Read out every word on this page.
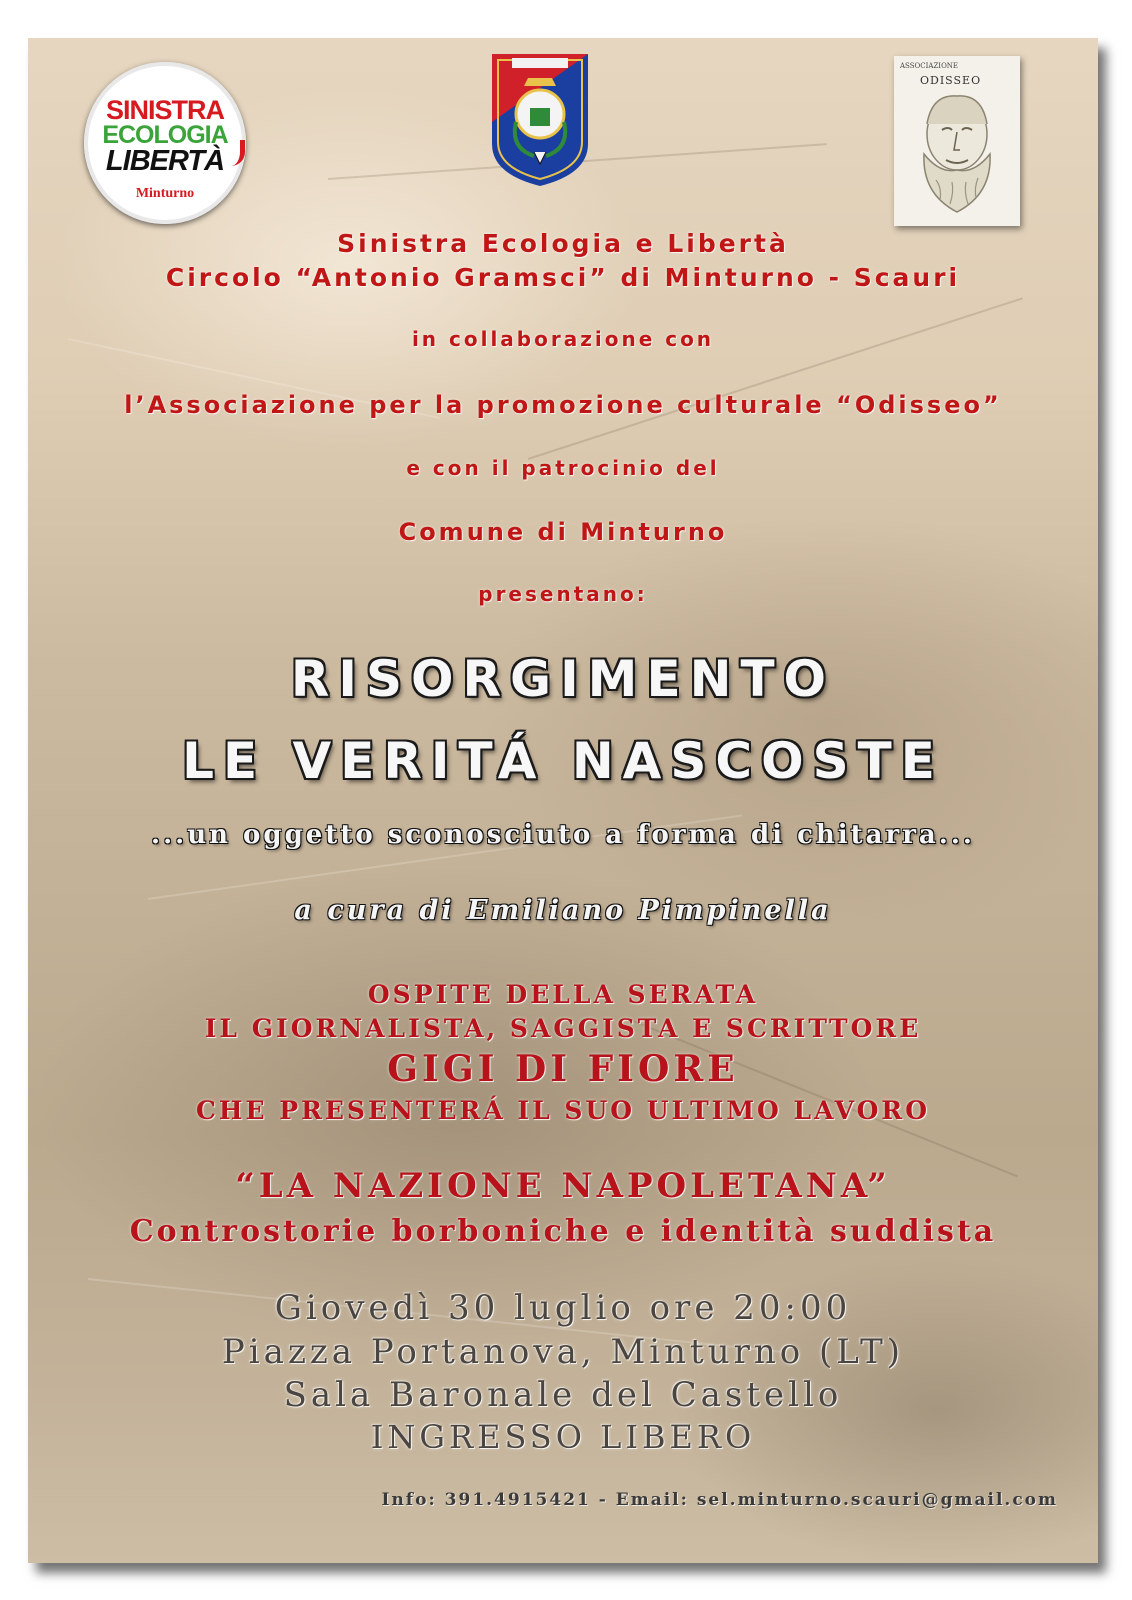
SINISTRA
ECOLOGIA
LIBERTÀ
Minturno
ASSOCIAZIONE
ODISSEO
Sinistra Ecologia e Libertà
Circolo “Antonio Gramsci” di Minturno - Scauri
in collaborazione con
l’Associazione per la promozione culturale “Odisseo”
e con il patrocinio del
Comune di Minturno
presentano:
RISORGIMENTO
LE VERITÁ NASCOSTE
...un oggetto sconosciuto a forma di chitarra...
a cura di Emiliano Pimpinella
OSPITE DELLA SERATA
IL GIORNALISTA, SAGGISTA E SCRITTORE
GIGI DI FIORE
CHE PRESENTERÁ IL SUO ULTIMO LAVORO
“LA NAZIONE NAPOLETANA”
Controstorie borboniche e identità suddista
Giovedì 30 luglio ore 20:00
Piazza Portanova, Minturno (LT)
Sala Baronale del Castello
INGRESSO LIBERO
Info: 391.4915421 - Email: sel.minturno.scauri@gmail.com
